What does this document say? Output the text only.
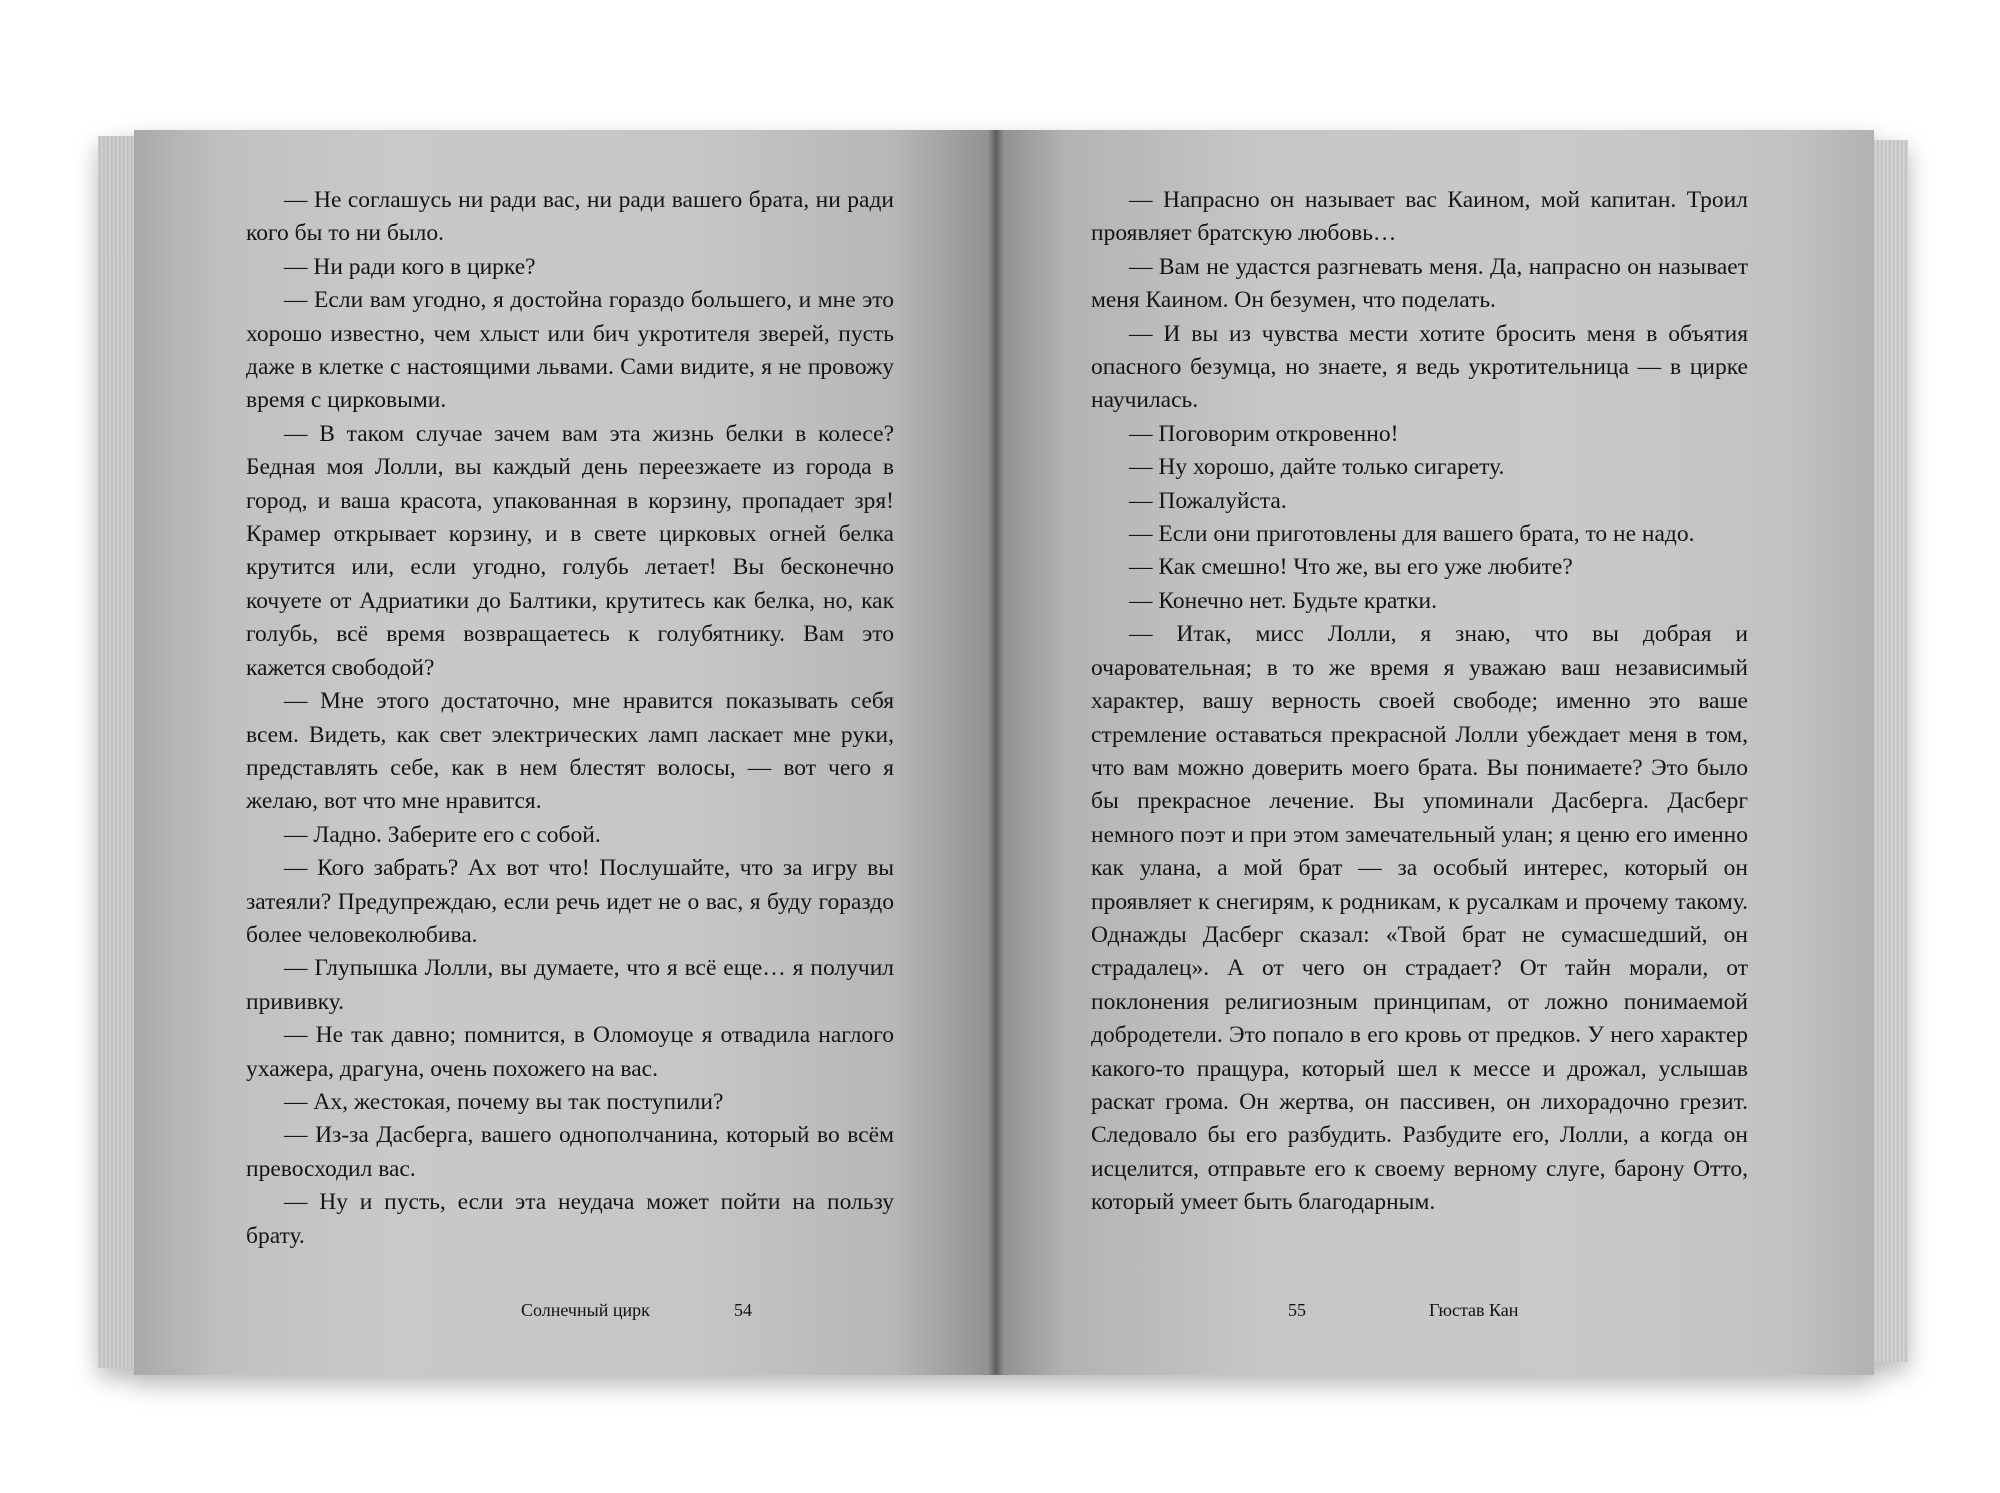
— Не соглашусь ни ради вас, ни ради вашего брата, ни ради кого бы то ни было.

— Ни ради кого в цирке?

— Если вам угодно, я достойна гораздо большего, и мне это хорошо известно, чем хлыст или бич укротителя зверей, пусть даже в клетке с настоящими львами. Сами видите, я не провожу время с цирковыми.

— В таком случае зачем вам эта жизнь белки в колесе? Бедная моя Лолли, вы каждый день переезжаете из города в город, и ваша красота, упакованная в корзину, пропадает зря! Крамер открывает корзину, и в свете цирковых огней белка крутится или, если угодно, голубь летает! Вы бесконечно кочуете от Адриатики до Балтики, крутитесь как белка, но, как голубь, всё время возвращаетесь к голубятнику. Вам это кажется свободой?

— Мне этого достаточно, мне нравится показывать себя всем. Видеть, как свет электрических ламп ласкает мне руки, представлять себе, как в нем блестят волосы, — вот чего я желаю, вот что мне нравится.

— Ладно. Заберите его с собой.

— Кого забрать? Ах вот что! Послушайте, что за игру вы затеяли? Предупреждаю, если речь идет не о вас, я буду гораздо более человеколюбива.

— Глупышка Лолли, вы думаете, что я всё еще… я получил прививку.

— Не так давно; помнится, в Оломоуце я отвадила наглого ухажера, драгуна, очень похожего на вас.

— Ах, жестокая, почему вы так поступили?

— Из-за Дасберга, вашего однополчанина, который во всём превосходил вас.

— Ну и пусть, если эта неудача может пойти на пользу брату.

Солнечный цирк	54

— Напрасно он называет вас Каином, мой капитан. Троил проявляет братскую любовь…

— Вам не удастся разгневать меня. Да, напрасно он называет меня Каином. Он безумен, что поделать.

— И вы из чувства мести хотите бросить меня в объятия опасного безумца, но знаете, я ведь укротительница — в цирке научилась.

— Поговорим откровенно!

— Ну хорошо, дайте только сигарету.

— Пожалуйста.

— Если они приготовлены для вашего брата, то не надо.

— Как смешно! Что же, вы его уже любите?

— Конечно нет. Будьте кратки.

— Итак, мисс Лолли, я знаю, что вы добрая и очаровательная; в то же время я уважаю ваш независимый характер, вашу верность своей свободе; именно это ваше стремление оставаться прекрасной Лолли убеждает меня в том, что вам можно доверить моего брата. Вы понимаете? Это было бы прекрасное лечение. Вы упоминали Дасберга. Дасберг немного поэт и при этом замечательный улан; я ценю его именно как улана, а мой брат — за особый интерес, который он проявляет к снегирям, к родникам, к русалкам и прочему такому. Однажды Дасберг сказал: «Твой брат не сумасшедший, он страдалец». А от чего он страдает? От тайн морали, от поклонения религиозным принципам, от ложно понимаемой добродетели. Это попало в его кровь от предков. У него характер какого-то пращура, который шел к мессе и дрожал, услышав раскат грома. Он жертва, он пассивен, он лихорадочно грезит. Следовало бы его разбудить. Разбудите его, Лолли, а когда он исцелится, отправьте его к своему верному слуге, барону Отто, который умеет быть благодарным.

55	Гюстав Кан
